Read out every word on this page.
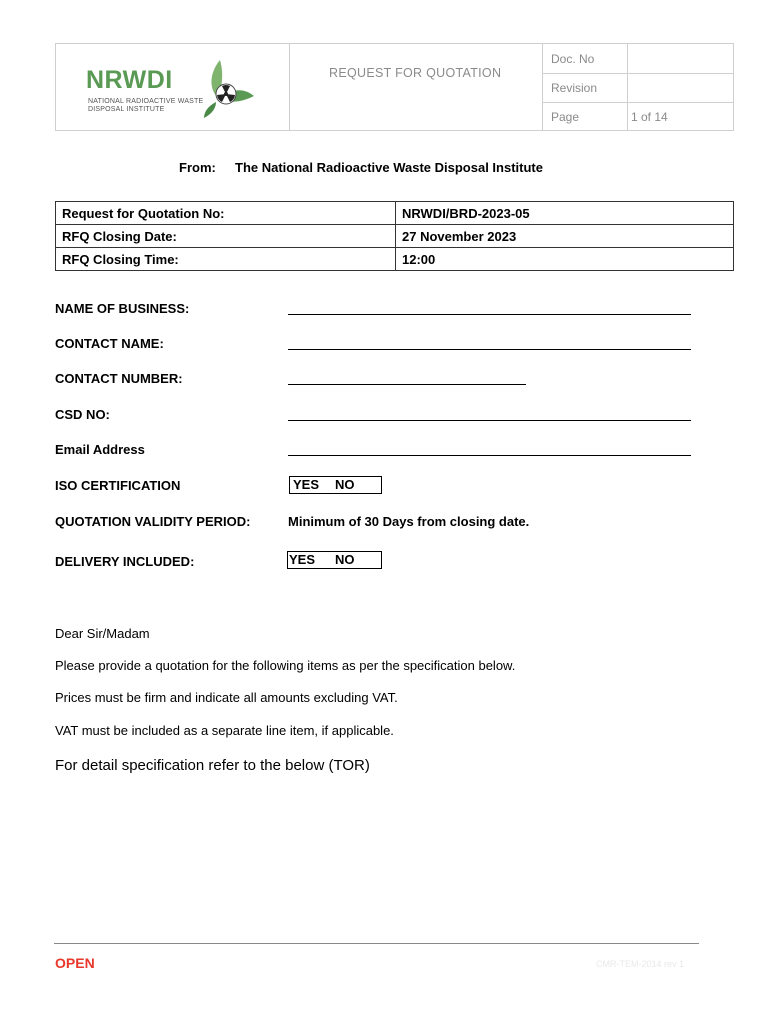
NRWDI
NATIONAL RADIOACTIVE WASTE
DISPOSAL INSTITUTE
REQUEST FOR QUOTATION
Doc. No
Revision
Page	1 of 14
From: The National Radioactive Waste Disposal Institute
Request for Quotation No:	NRWDI/BRD-2023-05
RFQ Closing Date:	27 November 2023
RFQ Closing Time:	12:00
NAME OF BUSINESS:
CONTACT NAME:
CONTACT NUMBER:
CSD NO:
Email Address
ISO CERTIFICATION	YES NO
QUOTATION VALIDITY PERIOD:	Minimum of 30 Days from closing date.
DELIVERY INCLUDED:	YES NO
Dear Sir/Madam
Please provide a quotation for the following items as per the specification below.
Prices must be firm and indicate all amounts excluding VAT.
VAT must be included as a separate line item, if applicable.
For detail specification refer to the below (TOR)
OPEN	CMR-TEM-2014 rev 1
